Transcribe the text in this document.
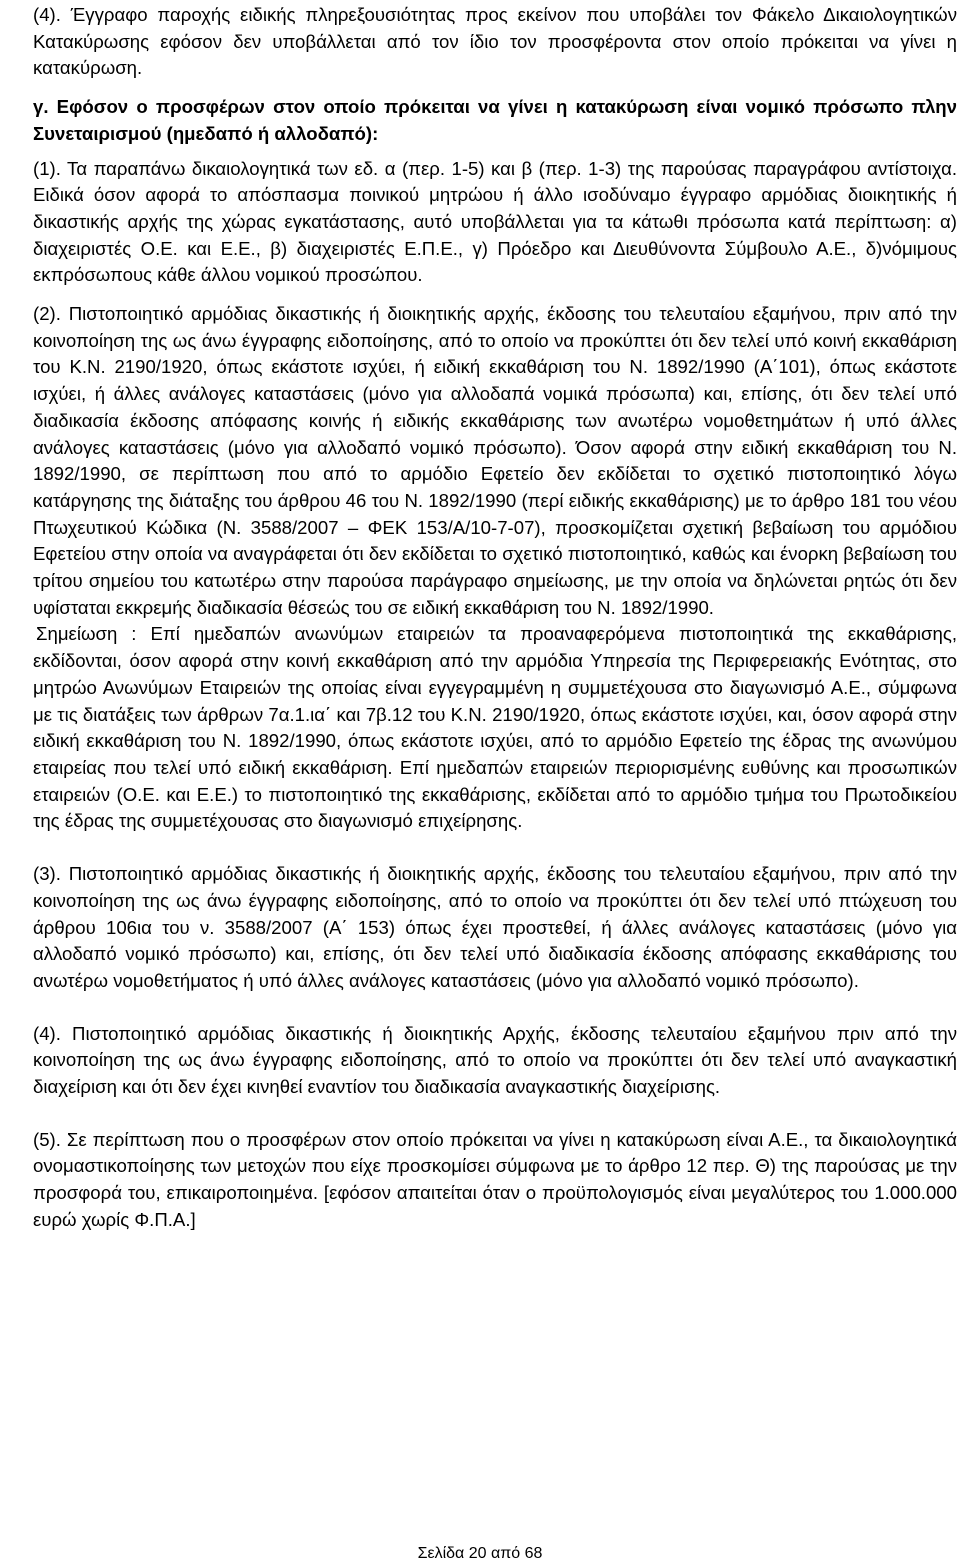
(4). Έγγραφο παροχής ειδικής πληρεξουσιότητας προς εκείνον που υποβάλει τον Φάκελο Δικαιολογητικών Κατακύρωσης εφόσον δεν υποβάλλεται από τον ίδιο τον προσφέροντα στον οποίο πρόκειται να γίνει η κατακύρωση.

γ. Εφόσον ο προσφέρων στον οποίο πρόκειται να γίνει η κατακύρωση είναι νομικό πρόσωπο πλην Συνεταιρισμού (ημεδαπό ή αλλοδαπό):

(1). Τα παραπάνω δικαιολογητικά των εδ. α (περ. 1-5) και β (περ. 1-3) της παρούσας παραγράφου αντίστοιχα. Ειδικά όσον αφορά το απόσπασμα ποινικού μητρώου ή άλλο ισοδύναμο έγγραφο αρμόδιας διοικητικής ή δικαστικής αρχής της χώρας εγκατάστασης, αυτό υποβάλλεται για τα κάτωθι πρόσωπα κατά περίπτωση: α) διαχειριστές Ο.Ε. και Ε.Ε., β) διαχειριστές Ε.Π.Ε., γ) Πρόεδρο και Διευθύνοντα Σύμβουλο Α.Ε., δ)νόμιμους εκπρόσωπους κάθε άλλου νομικού προσώπου.

(2). Πιστοποιητικό αρμόδιας δικαστικής ή διοικητικής αρχής, έκδοσης του τελευταίου εξαμήνου, πριν από την κοινοποίηση της ως άνω έγγραφης ειδοποίησης, από το οποίο να προκύπτει ότι δεν τελεί υπό κοινή εκκαθάριση του Κ.Ν. 2190/1920, όπως εκάστοτε ισχύει, ή ειδική εκκαθάριση του Ν. 1892/1990 (Α΄101), όπως εκάστοτε ισχύει, ή άλλες ανάλογες καταστάσεις (μόνο για αλλοδαπά νομικά πρόσωπα) και, επίσης, ότι δεν τελεί υπό διαδικασία έκδοσης απόφασης κοινής ή ειδικής εκκαθάρισης των ανωτέρω νομοθετημάτων ή υπό άλλες ανάλογες καταστάσεις (μόνο για αλλοδαπό νομικό πρόσωπο). Όσον αφορά στην ειδική εκκαθάριση του Ν. 1892/1990, σε περίπτωση που από το αρμόδιο Εφετείο δεν εκδίδεται το σχετικό πιστοποιητικό λόγω κατάργησης της διάταξης του άρθρου 46 του Ν. 1892/1990 (περί ειδικής εκκαθάρισης) με το άρθρο 181 του νέου Πτωχευτικού Κώδικα (Ν. 3588/2007 – ΦΕΚ 153/Α/10-7-07), προσκομίζεται σχετική βεβαίωση του αρμόδιου Εφετείου στην οποία να αναγράφεται ότι δεν εκδίδεται το σχετικό πιστοποιητικό, καθώς και ένορκη βεβαίωση του τρίτου σημείου του κατωτέρω στην παρούσα παράγραφο σημείωσης, με την οποία να δηλώνεται ρητώς ότι δεν υφίσταται εκκρεμής διαδικασία θέσεώς του σε ειδική εκκαθάριση του Ν. 1892/1990.

Σημείωση : Επί ημεδαπών ανωνύμων εταιρειών τα προαναφερόμενα πιστοποιητικά της εκκαθάρισης, εκδίδονται, όσον αφορά στην κοινή εκκαθάριση από την αρμόδια Υπηρεσία της Περιφερειακής Ενότητας, στο μητρώο Ανωνύμων Εταιρειών της οποίας είναι εγγεγραμμένη η συμμετέχουσα στο διαγωνισμό Α.Ε., σύμφωνα με τις διατάξεις των άρθρων 7α.1.ια΄ και 7β.12 του Κ.Ν. 2190/1920, όπως εκάστοτε ισχύει, και, όσον αφορά στην ειδική εκκαθάριση του Ν. 1892/1990, όπως εκάστοτε ισχύει, από το αρμόδιο Εφετείο της έδρας της ανωνύμου εταιρείας που τελεί υπό ειδική εκκαθάριση. Επί ημεδαπών εταιρειών περιορισμένης ευθύνης και προσωπικών εταιρειών (Ο.Ε. και Ε.Ε.) το πιστοποιητικό της εκκαθάρισης, εκδίδεται από το αρμόδιο τμήμα του Πρωτοδικείου της έδρας της συμμετέχουσας στο διαγωνισμό επιχείρησης.

(3). Πιστοποιητικό αρμόδιας δικαστικής ή διοικητικής αρχής, έκδοσης του τελευταίου εξαμήνου, πριν από την κοινοποίηση της ως άνω έγγραφης ειδοποίησης, από το οποίο να προκύπτει ότι δεν τελεί υπό πτώχευση του άρθρου 106ια του ν. 3588/2007 (Α΄ 153) όπως έχει προστεθεί, ή άλλες ανάλογες καταστάσεις (μόνο για αλλοδαπό νομικό πρόσωπο) και, επίσης, ότι δεν τελεί υπό διαδικασία έκδοσης απόφασης εκκαθάρισης του ανωτέρω νομοθετήματος ή υπό άλλες ανάλογες καταστάσεις (μόνο για αλλοδαπό νομικό πρόσωπο).

(4). Πιστοποιητικό αρμόδιας δικαστικής ή διοικητικής Αρχής, έκδοσης τελευταίου εξαμήνου πριν από την κοινοποίηση της ως άνω έγγραφης ειδοποίησης, από το οποίο να προκύπτει ότι δεν τελεί υπό αναγκαστική διαχείριση και ότι δεν έχει κινηθεί εναντίον του διαδικασία αναγκαστικής διαχείρισης.

(5). Σε περίπτωση που ο προσφέρων στον οποίο πρόκειται να γίνει η κατακύρωση είναι Α.Ε., τα δικαιολογητικά ονομαστικοποίησης των μετοχών που είχε προσκομίσει σύμφωνα με το άρθρο 12 περ. Θ) της παρούσας με την προσφορά του, επικαιροποιημένα. [εφόσον απαιτείται όταν ο προϋπολογισμός είναι μεγαλύτερος του 1.000.000 ευρώ χωρίς Φ.Π.Α.]

Σελίδα 20 από 68
